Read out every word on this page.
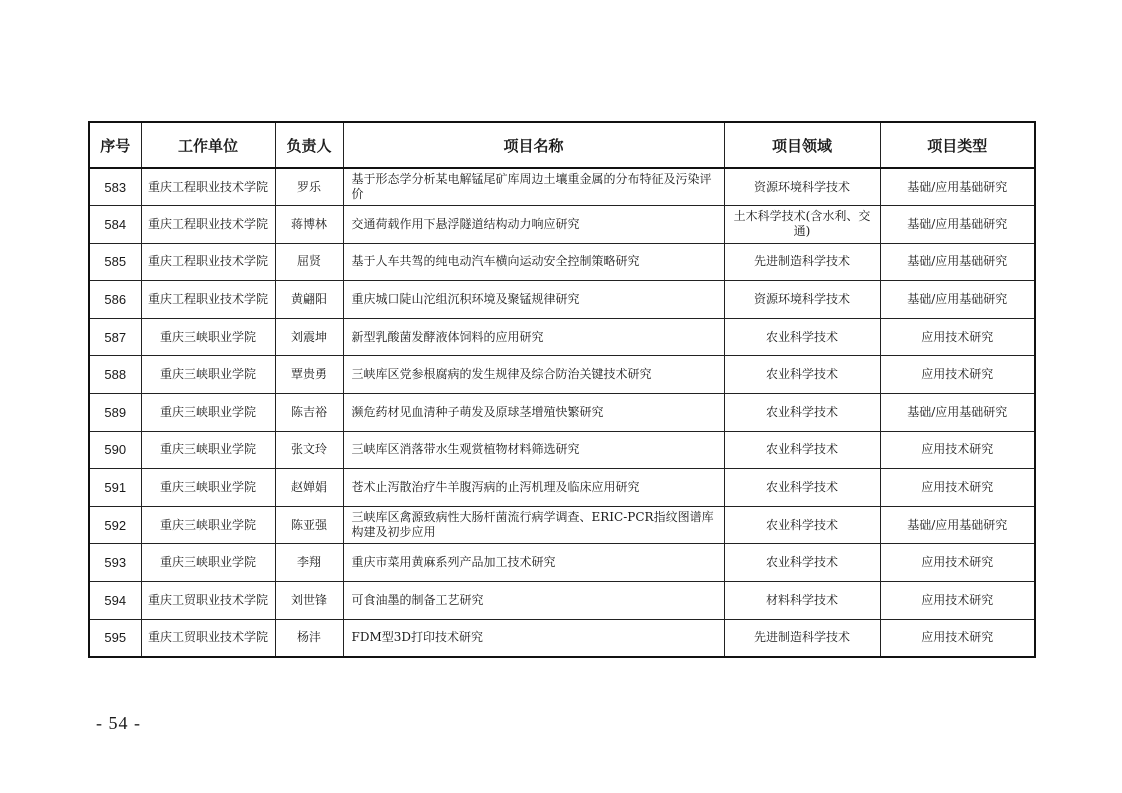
序号	工作单位	负责人	项目名称	项目领域	项目类型
583	重庆工程职业技术学院	罗乐	基于形态学分析某电解锰尾矿库周边土壤重金属的分布特征及污染评价	资源环境科学技术	基础/应用基础研究
584	重庆工程职业技术学院	蒋博林	交通荷载作用下悬浮隧道结构动力响应研究	土木科学技术(含水利、交通)	基础/应用基础研究
585	重庆工程职业技术学院	屈贤	基于人车共驾的纯电动汽车横向运动安全控制策略研究	先进制造科学技术	基础/应用基础研究
586	重庆工程职业技术学院	黄翩阳	重庆城口陡山沱组沉积环境及聚锰规律研究	资源环境科学技术	基础/应用基础研究
587	重庆三峡职业学院	刘震坤	新型乳酸菌发酵液体饲料的应用研究	农业科学技术	应用技术研究
588	重庆三峡职业学院	覃贵勇	三峡库区党参根腐病的发生规律及综合防治关键技术研究	农业科学技术	应用技术研究
589	重庆三峡职业学院	陈吉裕	濒危药材见血清种子萌发及原球茎增殖快繁研究	农业科学技术	基础/应用基础研究
590	重庆三峡职业学院	张文玲	三峡库区消落带水生观赏植物材料筛选研究	农业科学技术	应用技术研究
591	重庆三峡职业学院	赵婵娟	苍术止泻散治疗牛羊腹泻病的止泻机理及临床应用研究	农业科学技术	应用技术研究
592	重庆三峡职业学院	陈亚强	三峡库区禽源致病性大肠杆菌流行病学调查、ERIC-PCR指纹图谱库构建及初步应用	农业科学技术	基础/应用基础研究
593	重庆三峡职业学院	李翔	重庆市菜用黄麻系列产品加工技术研究	农业科学技术	应用技术研究
594	重庆工贸职业技术学院	刘世锋	可食油墨的制备工艺研究	材料科学技术	应用技术研究
595	重庆工贸职业技术学院	杨沣	FDM型3D打印技术研究	先进制造科学技术	应用技术研究
- 54 -
